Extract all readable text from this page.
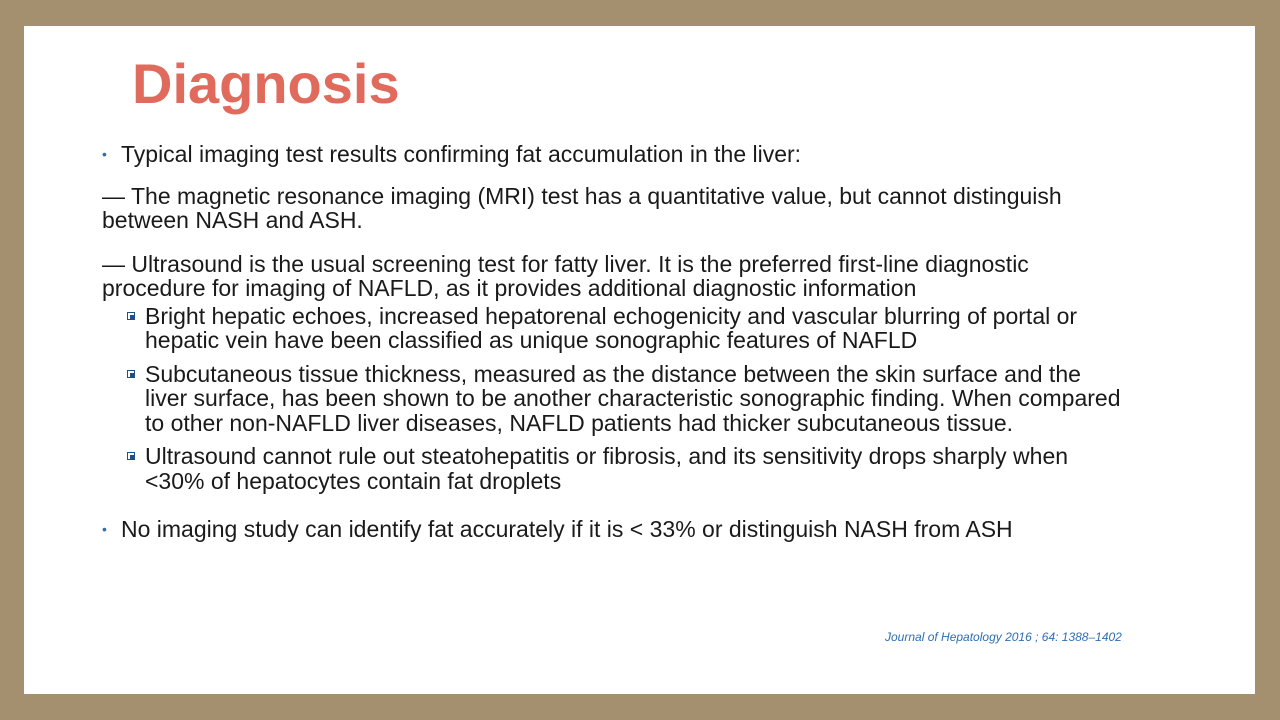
Diagnosis
• Typical imaging test results confirming fat accumulation in the liver:

— The magnetic resonance imaging (MRI) test has a quantitative value, but cannot distinguish between NASH and ASH.

— Ultrasound is the usual screening test for fatty liver. It is the preferred first-line diagnostic procedure for imaging of NAFLD, as it provides additional diagnostic information

Bright hepatic echoes, increased hepatorenal echogenicity and vascular blurring of portal or hepatic vein have been classified as unique sonographic features of NAFLD
Subcutaneous tissue thickness, measured as the distance between the skin surface and the liver surface, has been shown to be another characteristic sonographic finding. When compared to other non-NAFLD liver diseases, NAFLD patients had thicker subcutaneous tissue.
Ultrasound cannot rule out steatohepatitis or fibrosis, and its sensitivity drops sharply when <30% of hepatocytes contain fat droplets
• No imaging study can identify fat accurately if it is < 33% or distinguish NASH from ASH
Journal of Hepatology 2016 ; 64: 1388–1402
